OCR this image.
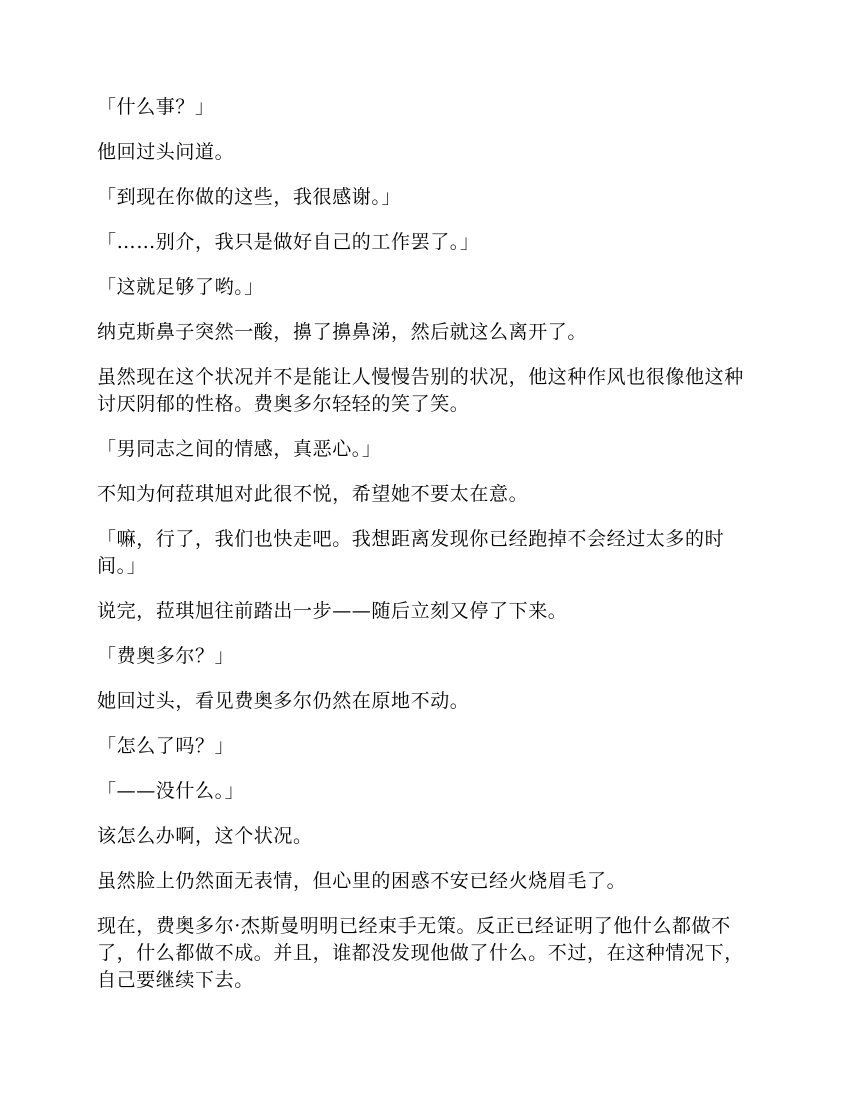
「什么事？」

他回过头问道。

「到现在你做的这些，我很感谢。」

「……别介，我只是做好自己的工作罢了。」

「这就足够了哟。」

纳克斯鼻子突然一酸，擤了擤鼻涕，然后就这么离开了。

虽然现在这个状况并不是能让人慢慢告别的状况，他这种作风也很像他这种讨厌阴郁的性格。费奥多尔轻轻的笑了笑。

「男同志之间的情感，真恶心。」

不知为何菈琪旭对此很不悦，希望她不要太在意。

「嘛，行了，我们也快走吧。我想距离发现你已经跑掉不会经过太多的时间。」

说完，菈琪旭往前踏出一步——随后立刻又停了下来。

「费奥多尔？」

她回过头，看见费奥多尔仍然在原地不动。

「怎么了吗？」

「——没什么。」

该怎么办啊，这个状况。

虽然脸上仍然面无表情，但心里的困惑不安已经火烧眉毛了。

现在，费奥多尔·杰斯曼明明已经束手无策。反正已经证明了他什么都做不了，什么都做不成。并且，谁都没发现他做了什么。不过，在这种情况下，自己要继续下去。
